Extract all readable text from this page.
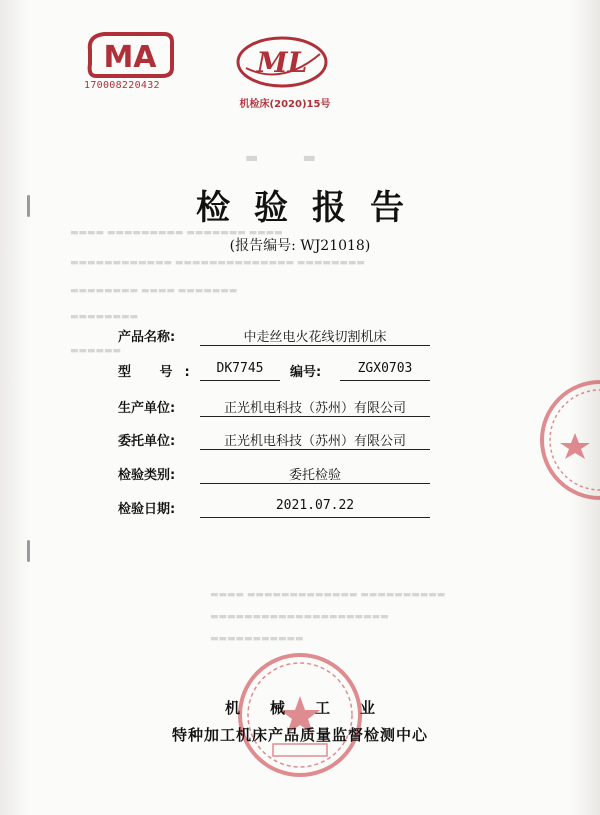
▬ ▬
▬▬▬▬ ▬▬▬▬▬▬▬▬▬ ▬▬▬▬▬▬▬ ▬▬▬▬
▬▬▬▬▬▬▬▬▬▬▬▬ ▬▬▬▬▬▬▬▬▬▬▬▬▬▬ ▬▬▬▬▬▬▬▬
▬▬▬▬▬▬▬▬ ▬▬▬▬ ▬▬▬▬▬▬▬
▬▬▬▬▬▬▬▬
▬▬▬▬▬▬
▬▬▬▬ ▬▬▬▬▬▬▬▬▬▬▬▬▬ ▬▬▬▬▬▬▬▬▬▬
▬▬▬▬▬▬▬▬▬▬▬▬▬▬▬▬▬▬▬▬▬
▬▬▬▬▬▬▬▬▬▬▬
MA
170008220432
ML
机检床(2020)15号
检验报告
(报告编号: WJ21018)
产品名称:	中走丝电火花线切割机床
型 号:	DK7745	编号:	ZGX0703
生产单位:	正光机电科技（苏州）有限公司
委托单位:	正光机电科技（苏州）有限公司
检验类别:	委托检验
检验日期:	2021.07.22
机械工业
特种加工机床产品质量监督检测中心
